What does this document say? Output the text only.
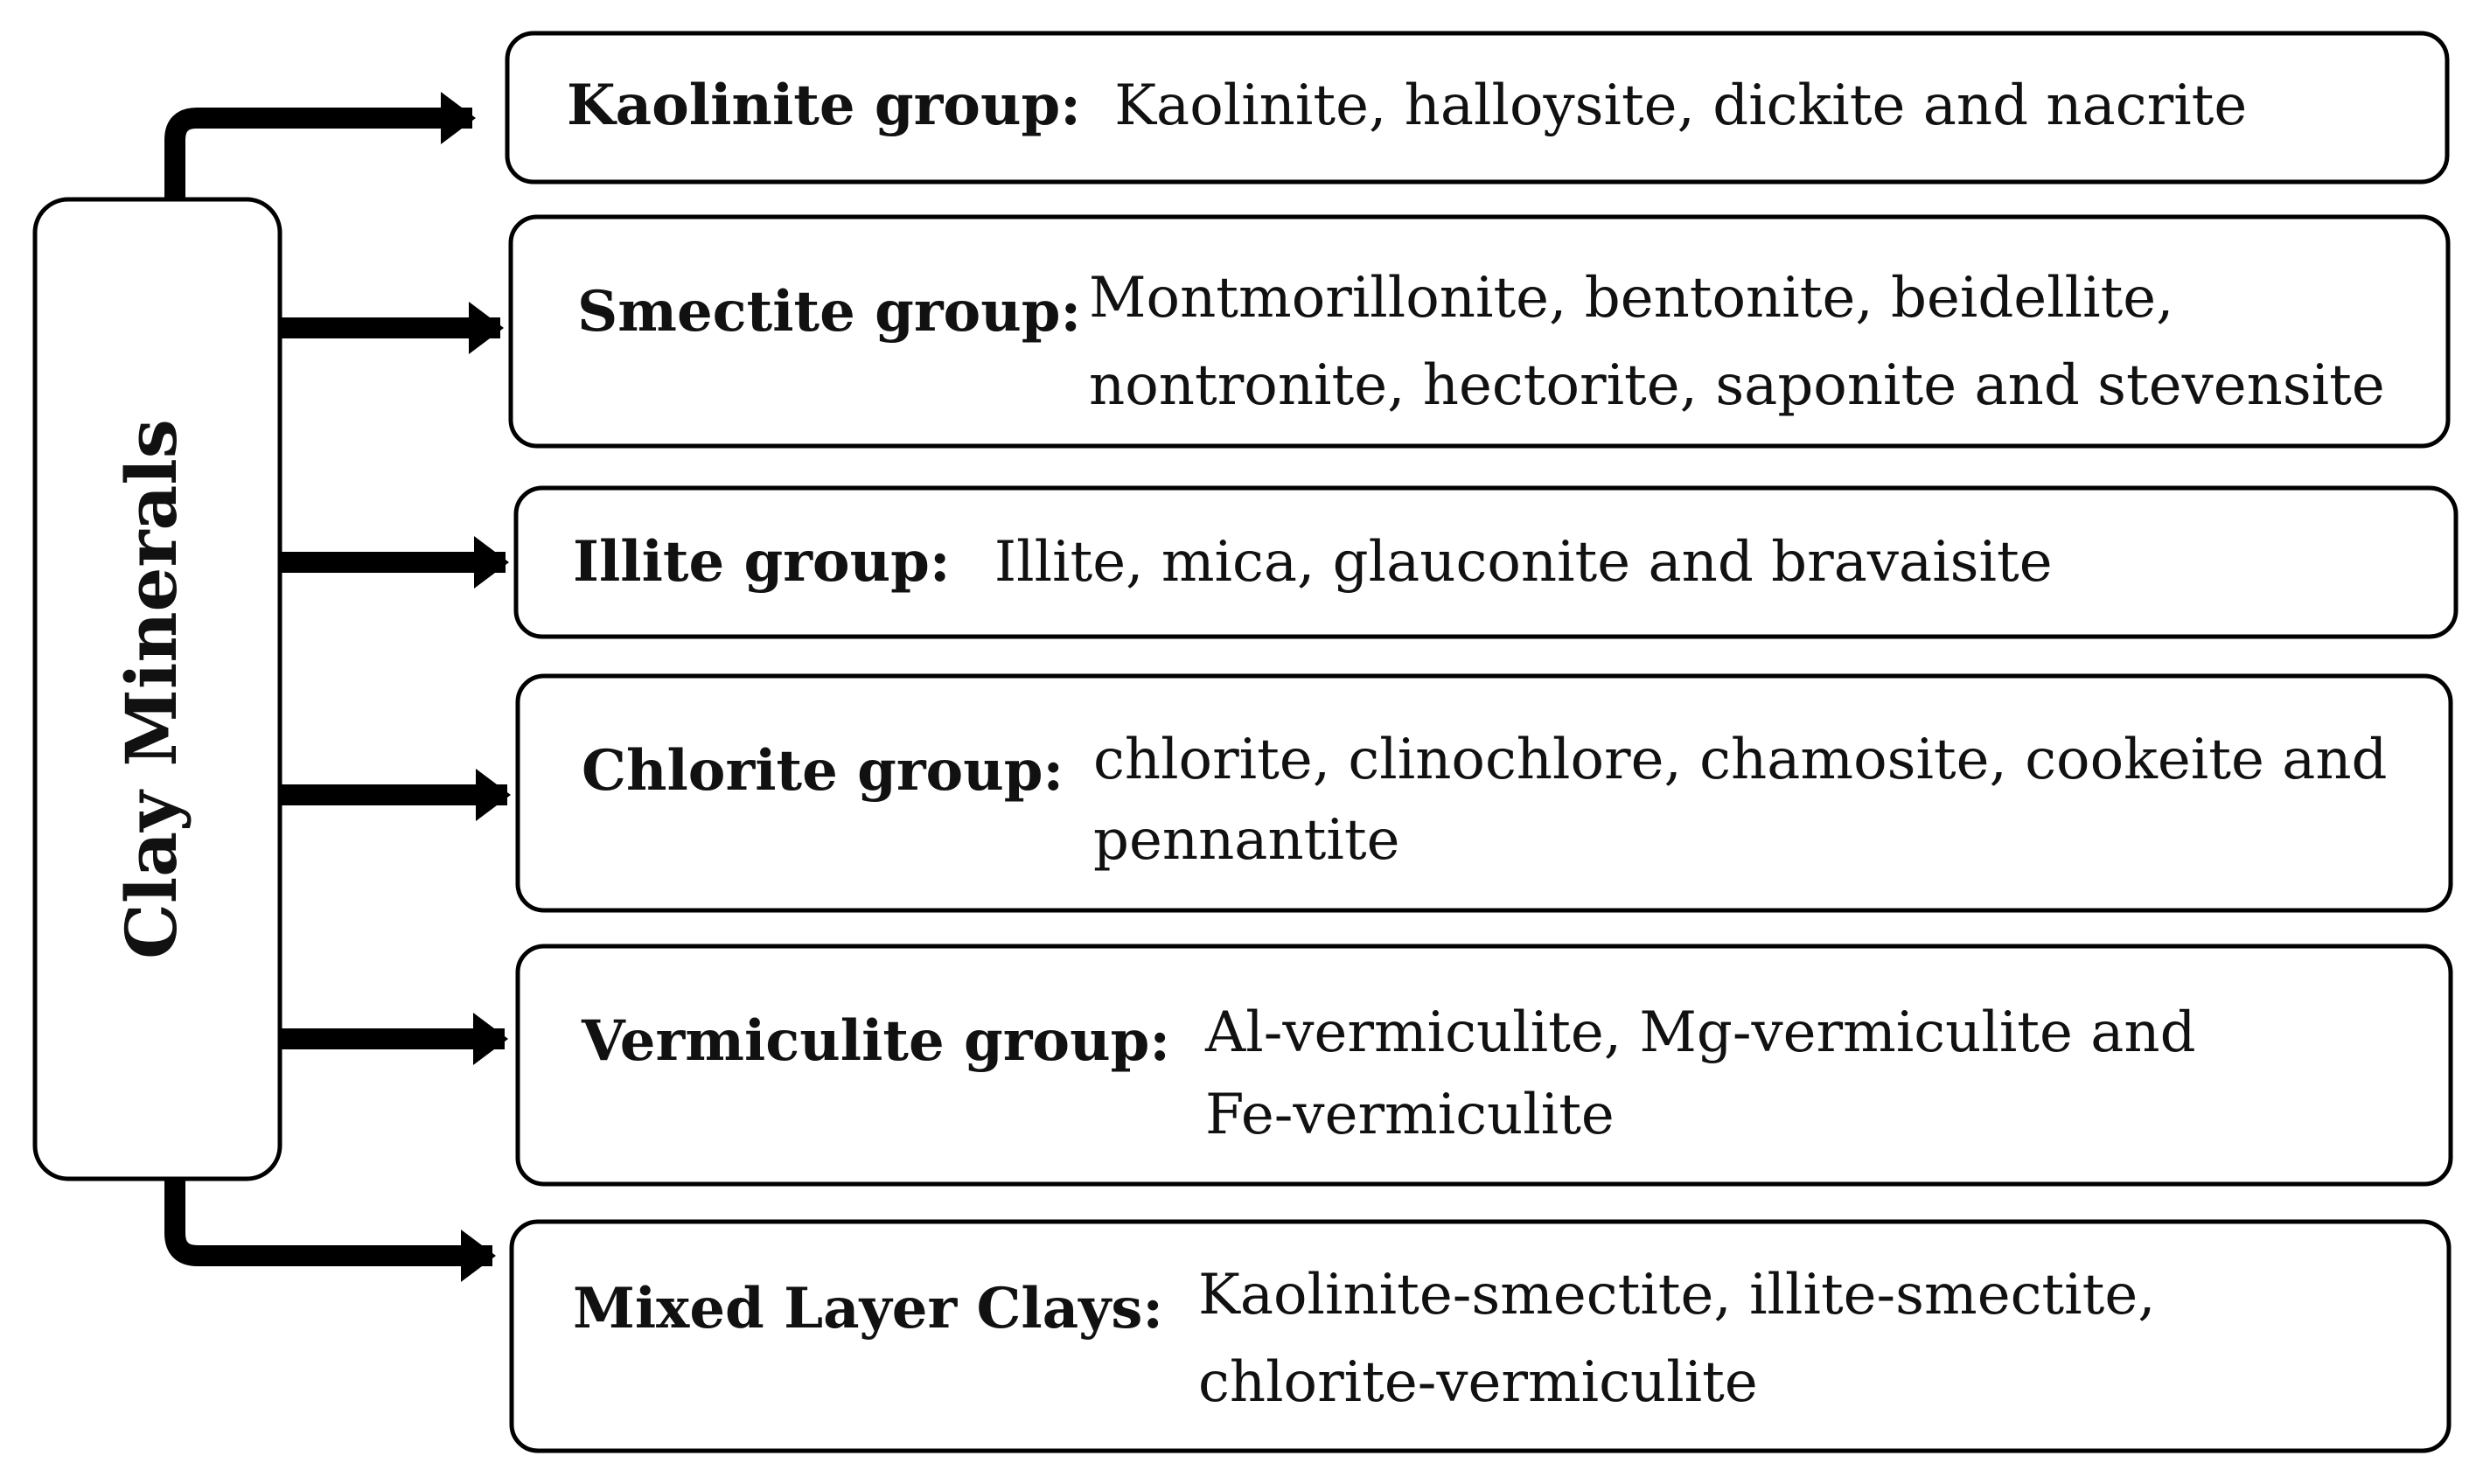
Clay Minerals
Kaolinite group: Kaolinite, halloysite, dickite and nacrite
Smectite group: Montmorillonite, bentonite, beidellite,
nontronite, hectorite, saponite and stevensite
Illite group: Illite, mica, glauconite and bravaisite
Chlorite group: chlorite, clinochlore, chamosite, cookeite and
pennantite
Vermiculite group: Al-vermiculite, Mg-vermiculite and
Fe-vermiculite
Mixed Layer Clays: Kaolinite-smectite, illite-smectite,
chlorite-vermiculite
